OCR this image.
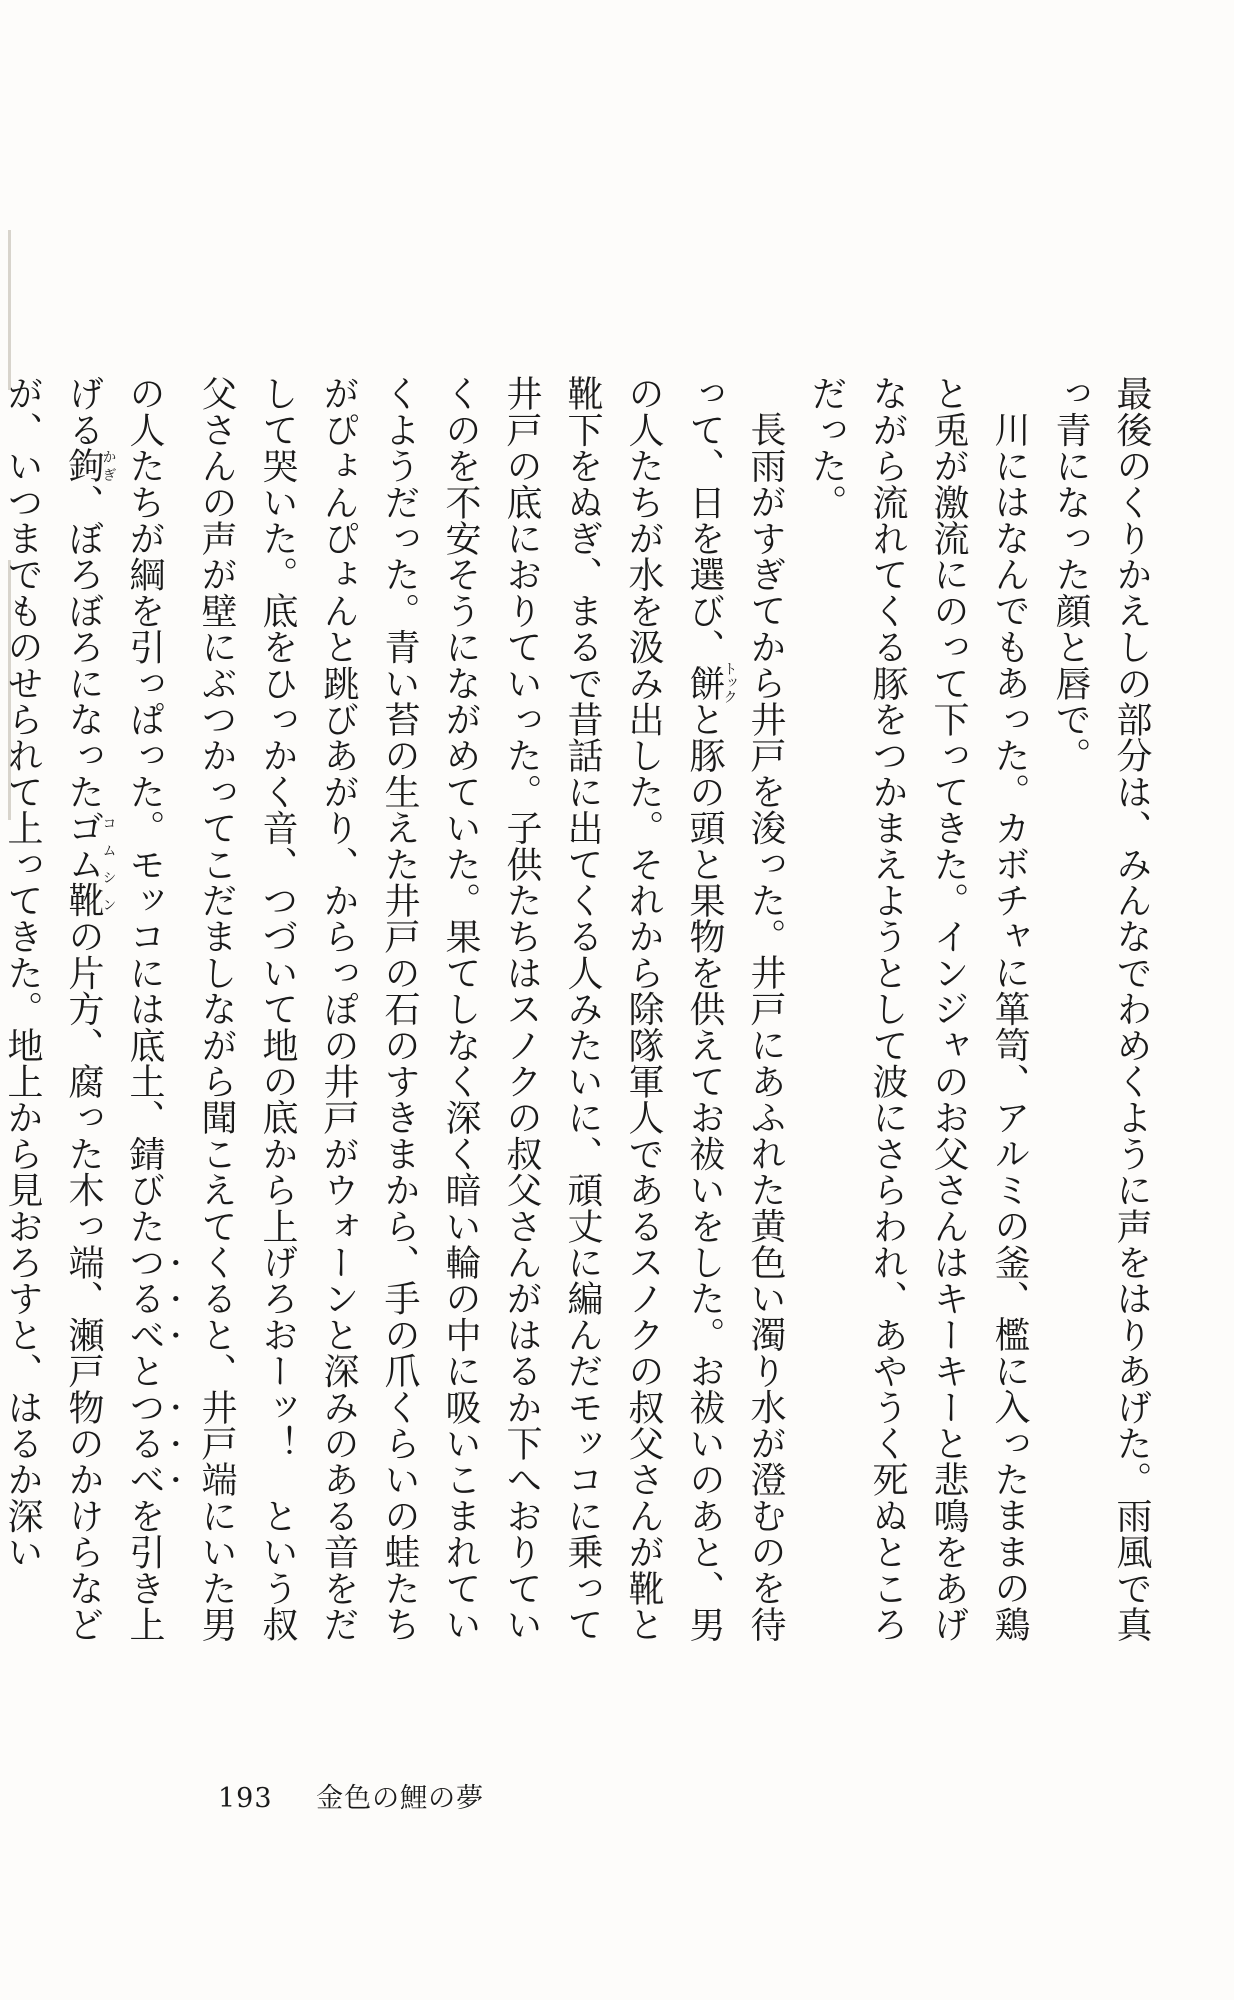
最後のくりかえしの部分は、みんなでわめくように声をはりあげた。雨風で真っ青になった顔と唇で。

川にはなんでもあった。カボチャに箪笥、アルミの釜、檻に入ったままの鶏と兎が激流にのって下ってきた。インジャのお父さんはキーキーと悲鳴をあげながら流れてくる豚をつかまえようとして波にさらわれ、あやうく死ぬところだった。

長雨がすぎてから井戸を浚った。井戸にあふれた黄色い濁り水が澄むのを待って、日を選び、餅トックと豚の頭と果物を供えてお祓いをした。お祓いのあと、男の人たちが水を汲み出した。それから除隊軍人であるスノクの叔父さんが靴と靴下をぬぎ、まるで昔話に出てくる人みたいに、頑丈に編んだモッコに乗って井戸の底におりていった。子供たちはスノクの叔父さんがはるか下へおりていくのを不安そうにながめていた。果てしなく深く暗い輪の中に吸いこまれていくようだった。青い苔の生えた井戸の石のすきまから、手の爪くらいの蛙たちがぴょんぴょんと跳びあがり、からっぽの井戸がウォーンと深みのある音をだして哭いた。底をひっかく音、つづいて地の底から上げろおーッ！　という叔父さんの声が壁にぶつかってこだましながら聞こえてくると、井戸端にいた男の人たちが綱を引っぱった。モッコには底土、錆びたつるべとつるべを引き上げる鉤かぎ、ぼろぼろになったゴム靴コムシンの片方、腐った木っ端、瀬戸物のかけらなどが、いつまでものせられて上ってきた。地上から見おろすと、はるか深い

193 金色の鯉の夢
